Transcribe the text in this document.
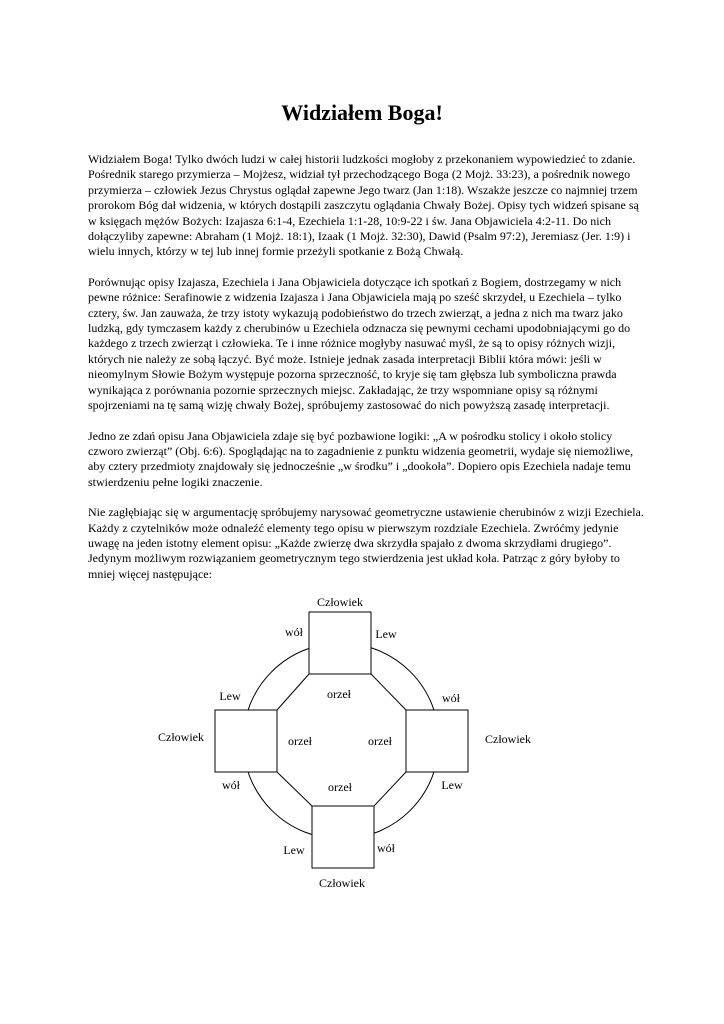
Widziałem Boga!

Widziałem Boga! Tylko dwóch ludzi w całej historii ludzkości mogłoby z przekonaniem wypowiedzieć to zdanie. Pośrednik starego przymierza – Mojżesz, widział tył przechodzącego Boga (2 Mojż. 33:23), a pośrednik nowego przymierza – człowiek Jezus Chrystus oglądał zapewne Jego twarz (Jan 1:18). Wszakże jeszcze co najmniej trzem prorokom Bóg dał widzenia, w których dostąpili zaszczytu oglądania Chwały Bożej. Opisy tych widzeń spisane są w księgach mężów Bożych: Izajasza 6:1-4, Ezechiela 1:1-28, 10:9-22 i św. Jana Objawiciela 4:2-11. Do nich dołączyliby zapewne: Abraham (1 Mojż. 18:1), Izaak (1 Mojż. 32:30), Dawid (Psalm 97:2), Jeremiasz (Jer. 1:9) i wielu innych, którzy w tej lub innej formie przeżyli spotkanie z Bożą Chwałą.

Porównując opisy Izajasza, Ezechiela i Jana Objawiciela dotyczące ich spotkań z Bogiem, dostrzegamy w nich pewne różnice: Serafinowie z widzenia Izajasza i Jana Objawiciela mają po sześć skrzydeł, u Ezechiela – tylko cztery, św. Jan zauważa, że trzy istoty wykazują podobieństwo do trzech zwierząt, a jedna z nich ma twarz jako ludzką, gdy tymczasem każdy z cherubinów u Ezechiela odznacza się pewnymi cechami upodobniającymi go do każdego z trzech zwierząt i człowieka. Te i inne różnice mogłyby nasuwać myśl, że są to opisy różnych wizji, których nie należy ze sobą łączyć. Być może. Istnieje jednak zasada interpretacji Biblii która mówi: jeśli w nieomylnym Słowie Bożym występuje pozorna sprzeczność, to kryje się tam głębsza lub symboliczna prawda wynikająca z porównania pozornie sprzecznych miejsc. Zakładając, że trzy wspomniane opisy są różnymi spojrzeniami na tę samą wizję chwały Bożej, spróbujemy zastosować do nich powyższą zasadę interpretacji.

Jedno ze zdań opisu Jana Objawiciela zdaje się być pozbawione logiki: „A w pośrodku stolicy i około stolicy czworo zwierząt” (Obj. 6:6). Spoglądając na to zagadnienie z punktu widzenia geometrii, wydaje się niemożliwe, aby cztery przedmioty znajdowały się jednocześnie „w środku” i „dookoła”. Dopiero opis Ezechiela nadaje temu stwierdzeniu pełne logiki znaczenie.

Nie zagłębiając się w argumentację spróbujemy narysować geometryczne ustawienie cherubinów z wizji Ezechiela. Każdy z czytelników może odnaleźć elementy tego opisu w pierwszym rozdziale Ezechiela. Zwróćmy jedynie uwagę na jeden istotny element opisu: „Każde zwierzę dwa skrzydła spajało z dwoma skrzydłami drugiego”. Jedynym możliwym rozwiązaniem geometrycznym tego stwierdzenia jest układ koła. Patrząc z góry byłoby to mniej więcej następujące:

Człowiek
wół	Lew
Lew
Człowiek
wół
wół
Człowiek
Lew
Lew	wół
Człowiek
orzeł
orzeł	orzeł
orzeł
